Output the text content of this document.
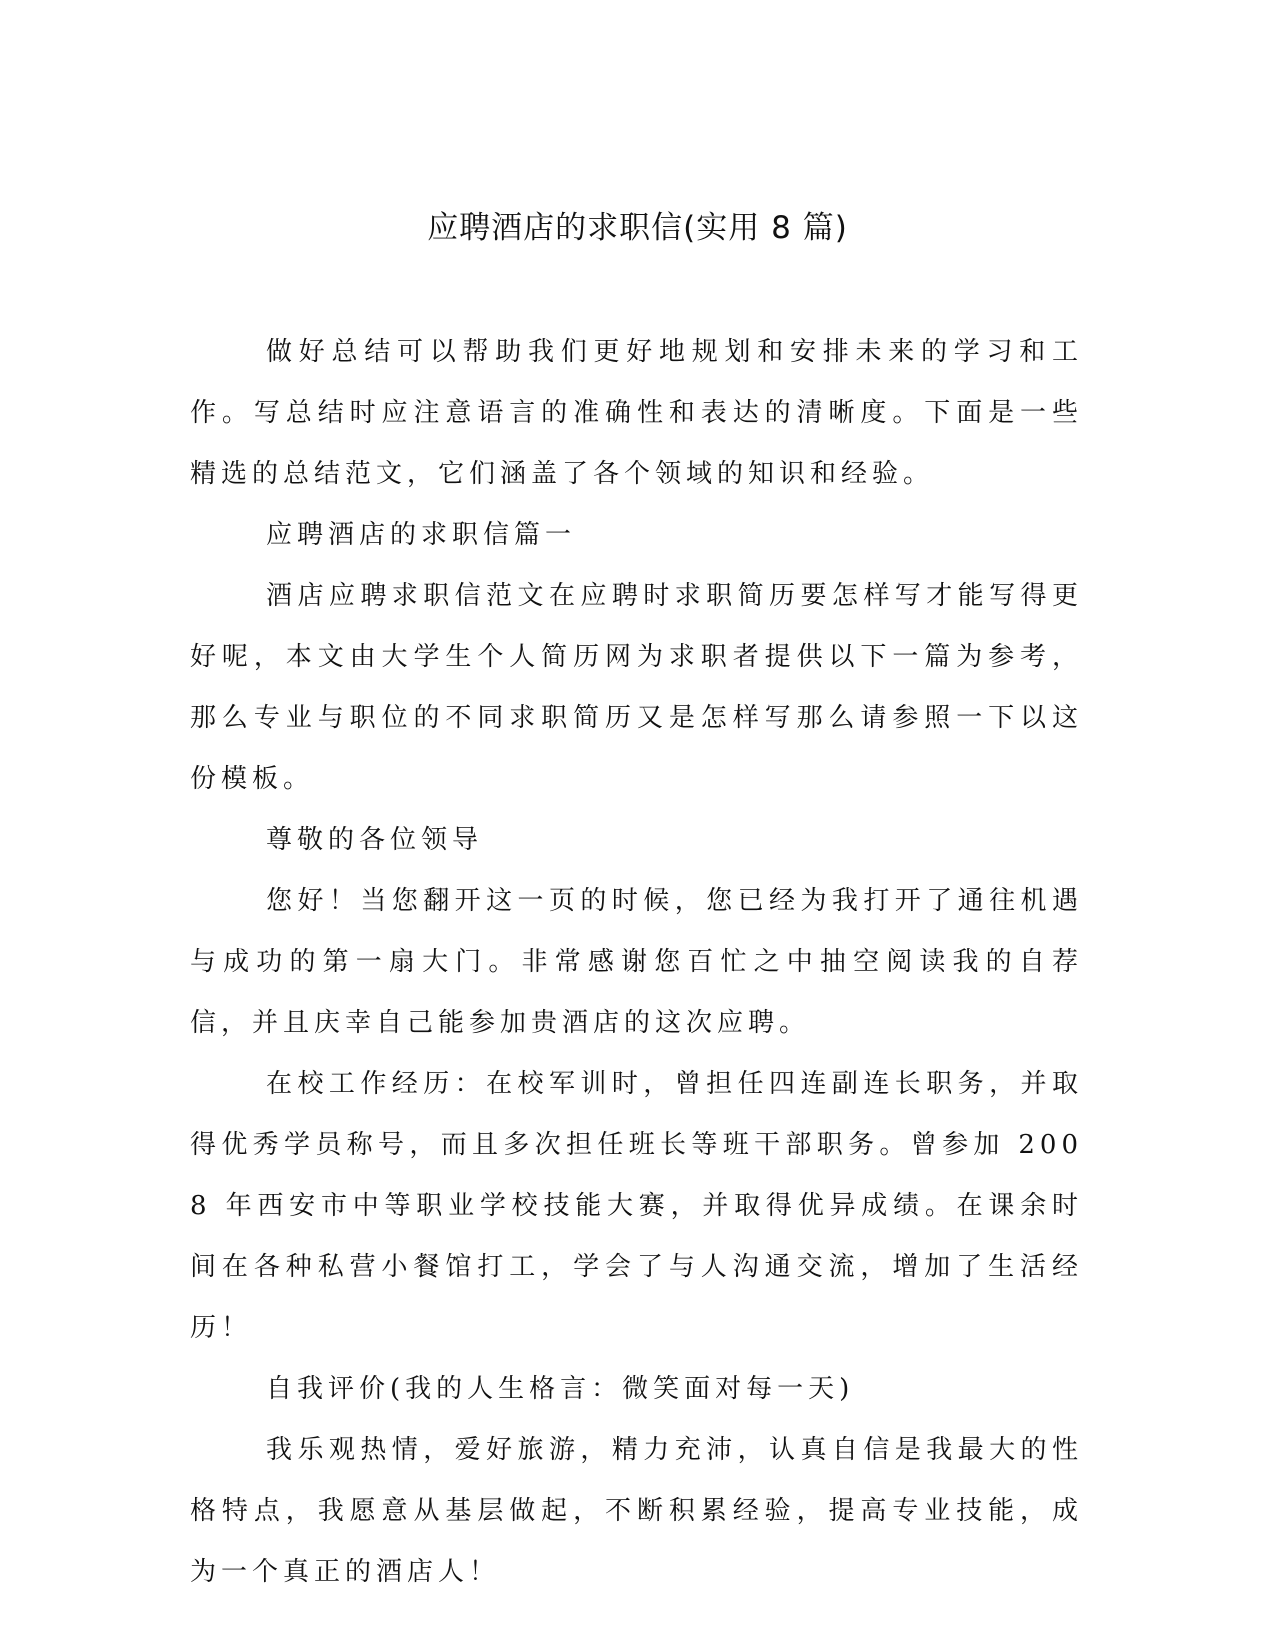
应聘酒店的求职信(实用 8 篇)

做好总结可以帮助我们更好地规划和安排未来的学习和工作。写总结时应注意语言的准确性和表达的清晰度。下面是一些精选的总结范文，它们涵盖了各个领域的知识和经验。

应聘酒店的求职信篇一

酒店应聘求职信范文在应聘时求职简历要怎样写才能写得更好呢，本文由大学生个人简历网为求职者提供以下一篇为参考，那么专业与职位的不同求职简历又是怎样写那么请参照一下以这份模板。

尊敬的各位领导

您好！当您翻开这一页的时候，您已经为我打开了通往机遇与成功的第一扇大门。非常感谢您百忙之中抽空阅读我的自荐信，并且庆幸自己能参加贵酒店的这次应聘。

在校工作经历：在校军训时，曾担任四连副连长职务，并取得优秀学员称号，而且多次担任班长等班干部职务。曾参加 2008 年西安市中等职业学校技能大赛，并取得优异成绩。在课余时间在各种私营小餐馆打工，学会了与人沟通交流，增加了生活经历！

自我评价(我的人生格言：微笑面对每一天)

我乐观热情，爱好旅游，精力充沛，认真自信是我最大的性格特点，我愿意从基层做起，不断积累经验，提高专业技能，成为一个真正的酒店人！
